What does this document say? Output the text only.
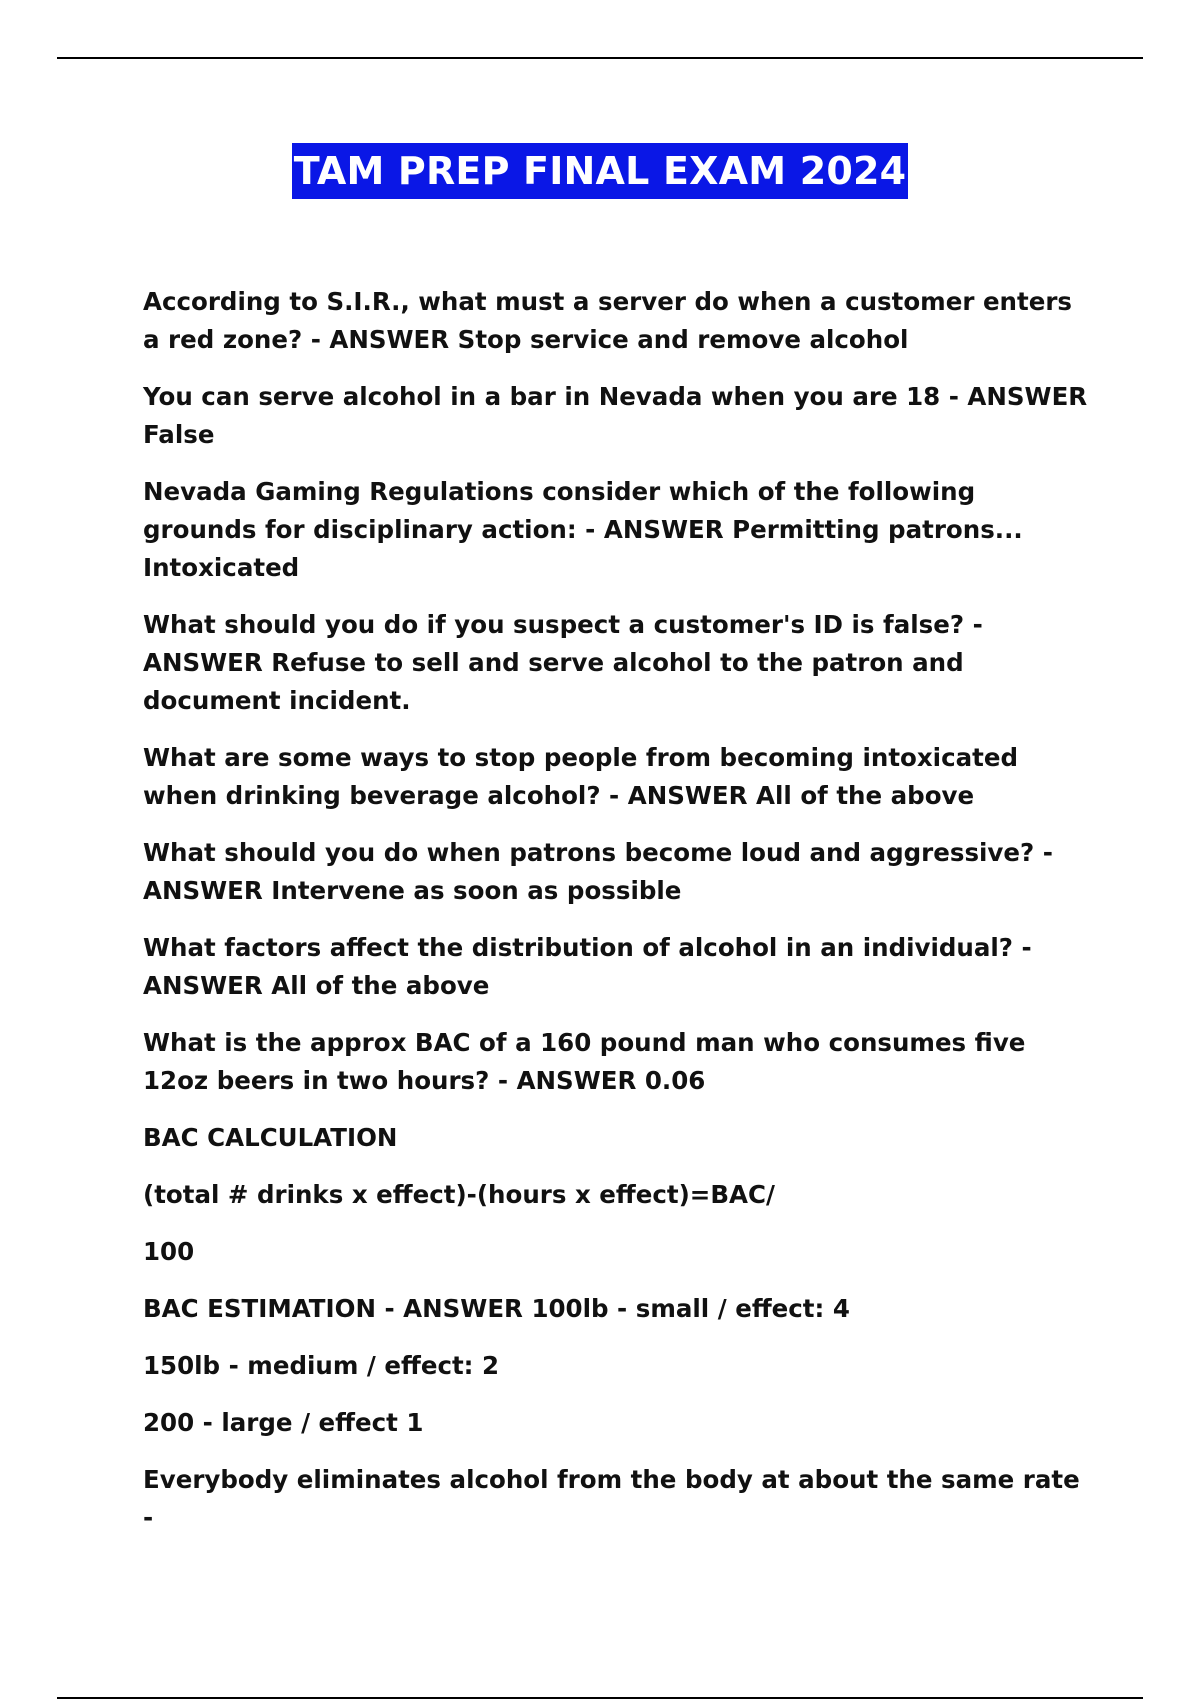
TAM PREP FINAL EXAM 2024

According to S.I.R., what must a server do when a customer enters a red zone? - ANSWER Stop service and remove alcohol

You can serve alcohol in a bar in Nevada when you are 18 - ANSWER False

Nevada Gaming Regulations consider which of the following grounds for disciplinary action: - ANSWER Permitting patrons... Intoxicated

What should you do if you suspect a customer's ID is false? - ANSWER Refuse to sell and serve alcohol to the patron and document incident.

What are some ways to stop people from becoming intoxicated when drinking beverage alcohol? - ANSWER All of the above

What should you do when patrons become loud and aggressive? - ANSWER Intervene as soon as possible

What factors affect the distribution of alcohol in an individual? - ANSWER All of the above

What is the approx BAC of a 160 pound man who consumes five 12oz beers in two hours? - ANSWER 0.06

BAC CALCULATION

(total # drinks x effect)-(hours x effect)=BAC/

100

BAC ESTIMATION - ANSWER 100lb - small / effect: 4

150lb - medium / effect: 2

200 - large / effect 1

Everybody eliminates alcohol from the body at about the same rate -
